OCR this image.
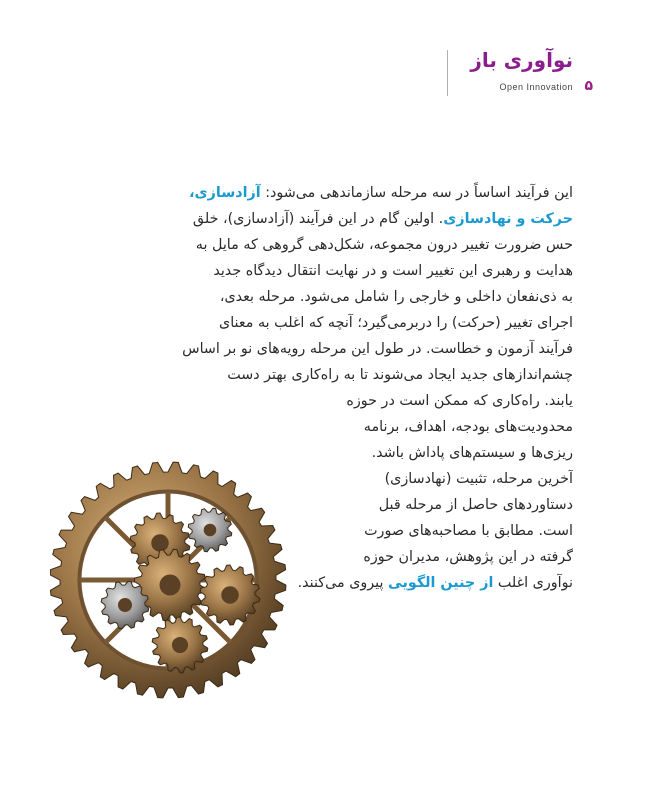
نوآوری باز
Open Innovation ۵
این فرآیند اساساً در سه مرحله سازماندهی می‌شود: آزادسازی،
حرکت و نهادسازی. اولین گام در این فرآیند (آزادسازی)، خلق
حس ضرورت تغییر درون مجموعه، شکل‌دهی گروهی که مایل به
هدایت و رهبری این تغییر است و در نهایت انتقال دیدگاه جدید
به ذی‌نفعان داخلی و خارجی را شامل می‌شود. مرحله بعدی،
اجرای تغییر (حرکت) را دربرمی‌گیرد؛ آنچه که اغلب به معنای
فرآیند آزمون و خطاست. در طول این مرحله رویه‌های نو بر اساس
چشم‌اندازهای جدید ایجاد می‌شوند تا به راه‌کاری بهتر دست
یابند. راه‌کاری که ممکن است در حوزه
محدودیت‌های بودجه، اهداف، برنامه
ریزی‌ها و سیستم‌های پاداش باشد.
آخرین مرحله، تثبیت (نهادسازی)
دستاوردهای حاصل از مرحله قبل
است. مطابق با مصاحبه‌های صورت
گرفته در این پژوهش، مدیران حوزه
نوآوری اغلب از چنین الگویی پیروی می‌کنند.
